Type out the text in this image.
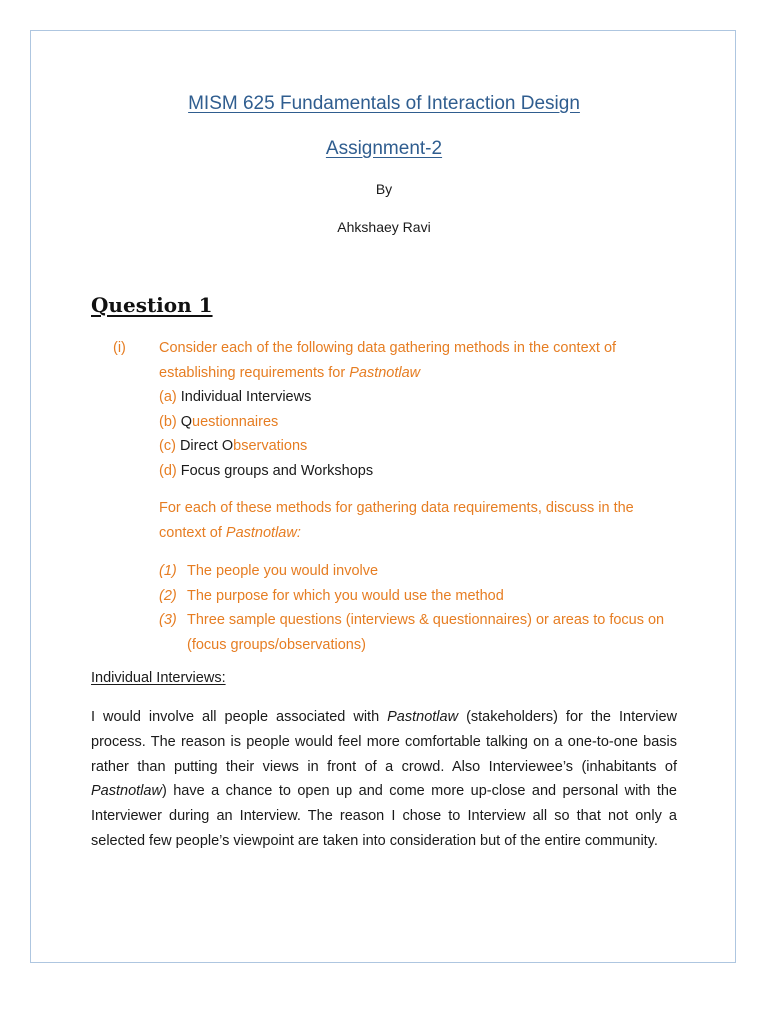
MISM 625 Fundamentals of Interaction Design
Assignment-2
By
Ahkshaey Ravi
Question 1
(i) Consider each of the following data gathering methods in the context of establishing requirements for Pastnotlaw
(a) Individual Interviews
(b) Questionnaires
(c) Direct Observations
(d) Focus groups and Workshops
For each of these methods for gathering data requirements, discuss in the context of Pastnotlaw:
(1) The people you would involve
(2) The purpose for which you would use the method
(3) Three sample questions (interviews & questionnaires) or areas to focus on (focus groups/observations)
Individual Interviews:

I would involve all people associated with Pastnotlaw (stakeholders) for the Interview process. The reason is people would feel more comfortable talking on a one-to-one basis rather than putting their views in front of a crowd. Also Interviewee’s (inhabitants of Pastnotlaw) have a chance to open up and come more up-close and personal with the Interviewer during an Interview. The reason I chose to Interview all so that not only a selected few people’s viewpoint are taken into consideration but of the entire community.
